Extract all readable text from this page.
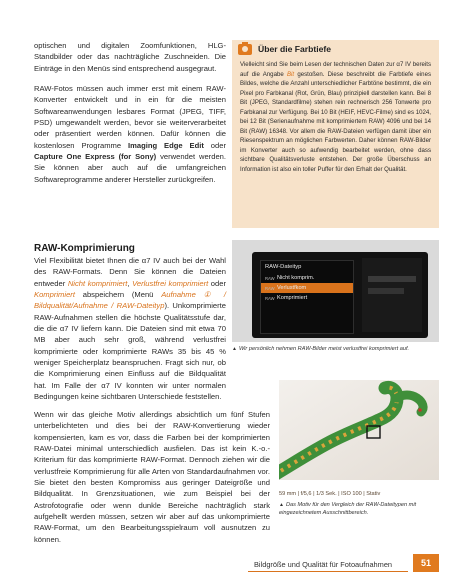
optischen und digitalen Zoomfunktionen, HLG-Standbilder oder das nachträgliche Zuschneiden. Die Einträge in den Menüs sind entsprechend ausgegraut.

RAW-Fotos müssen auch immer erst mit einem RAW-Konverter entwickelt und in ein für die meisten Softwareanwendungen lesbares Format (JPEG, TIFF, PSD) umgewandelt werden, bevor sie weiterverarbeitet oder präsentiert werden können. Dafür können die kostenlosen Programme Imaging Edge Edit oder Capture One Express (for Sony) verwendet werden. Sie können aber auch auf die umfangreichen Softwareprogramme anderer Hersteller zurückgreifen.

RAW-Komprimierung
Viel Flexibilität bietet Ihnen die α7 IV auch bei der Wahl des RAW-Formats. Denn Sie können die Dateien entweder Nicht komprimiert, Verlustfrei komprimiert oder Komprimiert abspeichern (Menü Aufnahme ① / Bildqualität/Aufnahme / RAW-Dateityp). Unkomprimierte RAW-Aufnahmen stellen die höchste Qualitätsstufe dar, die die α7 IV liefern kann. Die Dateien sind mit etwa 70 MB aber auch sehr groß, während verlustfrei komprimierte oder komprimierte RAWs 35 bis 45 % weniger Speicherplatz beanspruchen. Fragt sich nur, ob die Komprimierung einen Einfluss auf die Bildqualität hat. Im Falle der α7 IV konnten wir unter normalen Bedingungen keine sichtbaren Unterschiede feststellen.
Wenn wir das gleiche Motiv allerdings absichtlich um fünf Stufen unterbelichteten und dies bei der RAW-Konvertierung wieder kompensierten, kam es vor, dass die Farben bei der komprimierten RAW-Datei minimal unterschiedlich ausfielen. Das ist kein K.-o.-Kriterium für das komprimierte RAW-Format. Dennoch ziehen wir die verlustfreie Komprimierung für alle Arten von Standardaufnahmen vor. Sie bietet den besten Kompromiss aus geringer Dateigröße und Bildqualität. In Grenzsituationen, wie zum Beispiel bei der Astrofotografie oder wenn dunkle Bereiche nachträglich stark aufgehellt werden müssen, setzen wir aber auf das unkomprimierte RAW-Format, um den Bearbeitungsspielraum voll ausnutzen zu können.
Über die Farbtiefe
Vielleicht sind Sie beim Lesen der technischen Daten zur α7 IV bereits auf die Angabe Bit gestoßen. Diese beschreibt die Farbtiefe eines Bildes, welche die Anzahl unterschiedlicher Farbtöne bestimmt, die ein Pixel pro Farbkanal (Rot, Grün, Blau) prinzipiell darstellen kann. Bei 8 Bit (JPEG, Standardfilme) stehen rein rechnerisch 256 Tonwerte pro Farbkanal zur Verfügung. Bei 10 Bit (HEIF, HEVC-Filme) sind es 1024, bei 12 Bit (Serienaufnahme mit komprimiertem RAW) 4096 und bei 14 Bit (RAW) 16348. Vor allem die RAW-Dateien verfügen damit über ein Riesenspektrum an möglichen Farbwerten. Daher können RAW-Bilder im Konverter auch so aufwendig bearbeitet werden, ohne dass sichtbare Qualitätsverluste entstehen. Der große Überschuss an Information ist also ein toller Puffer für den Erhalt der Qualität.
RAW-Dateityp
RAW Nicht komprim.
RAW Verlustfkom
RAW Komprimiert
▲ Wir persönlich nehmen RAW-Bilder meist verlustfrei komprimiert auf.
59 mm | f/5,6 | 1/3 Sek. | ISO 100 | Stativ
▲ Das Motiv für den Vergleich der RAW-Dateitypen mit eingezeichnetem Ausschnittbereich.
Bildgröße und Qualität für Fotoaufnahmen	51
